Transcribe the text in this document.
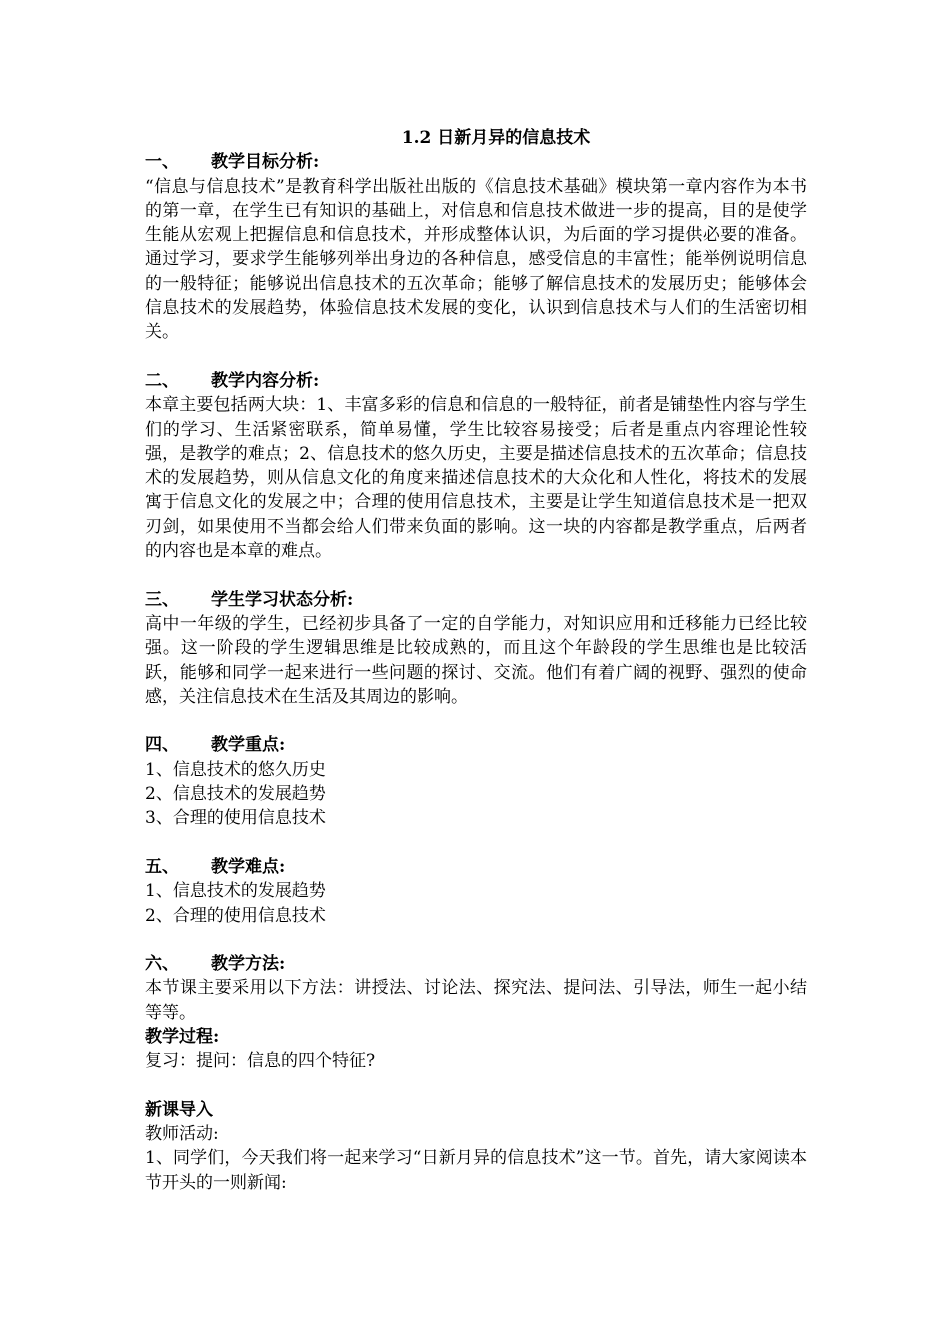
1.2 日新月异的信息技术

一、 教学目标分析:

“信息与信息技术”是教育科学出版社出版的《信息技术基础》模块第一章内容作为本书的第一章，在学生已有知识的基础上，对信息和信息技术做进一步的提高，目的是使学生能从宏观上把握信息和信息技术，并形成整体认识，为后面的学习提供必要的准备。通过学习，要求学生能够列举出身边的各种信息，感受信息的丰富性；能举例说明信息的一般特征；能够说出信息技术的五次革命；能够了解信息技术的发展历史；能够体会信息技术的发展趋势，体验信息技术发展的变化，认识到信息技术与人们的生活密切相关。

二、 教学内容分析:

本章主要包括两大块：1、丰富多彩的信息和信息的一般特征，前者是铺垫性内容与学生们的学习、生活紧密联系，简单易懂，学生比较容易接受；后者是重点内容理论性较强，是教学的难点；2、信息技术的悠久历史，主要是描述信息技术的五次革命；信息技术的发展趋势，则从信息文化的角度来描述信息技术的大众化和人性化，将技术的发展寓于信息文化的发展之中；合理的使用信息技术，主要是让学生知道信息技术是一把双刃剑，如果使用不当都会给人们带来负面的影响。这一块的内容都是教学重点，后两者的内容也是本章的难点。

三、 学生学习状态分析:

高中一年级的学生，已经初步具备了一定的自学能力，对知识应用和迁移能力已经比较强。这一阶段的学生逻辑思维是比较成熟的，而且这个年龄段的学生思维也是比较活跃，能够和同学一起来进行一些问题的探讨、交流。他们有着广阔的视野、强烈的使命感，关注信息技术在生活及其周边的影响。

四、 教学重点:

1、信息技术的悠久历史

2、信息技术的发展趋势

3、合理的使用信息技术

五、 教学难点:

1、信息技术的发展趋势

2、合理的使用信息技术

六、 教学方法:

本节课主要采用以下方法：讲授法、讨论法、探究法、提问法、引导法，师生一起小结等等。

教学过程:

复习：提问：信息的四个特征?

新课导入

教师活动:

1、同学们，今天我们将一起来学习“日新月异的信息技术”这一节。首先，请大家阅读本节开头的一则新闻:
